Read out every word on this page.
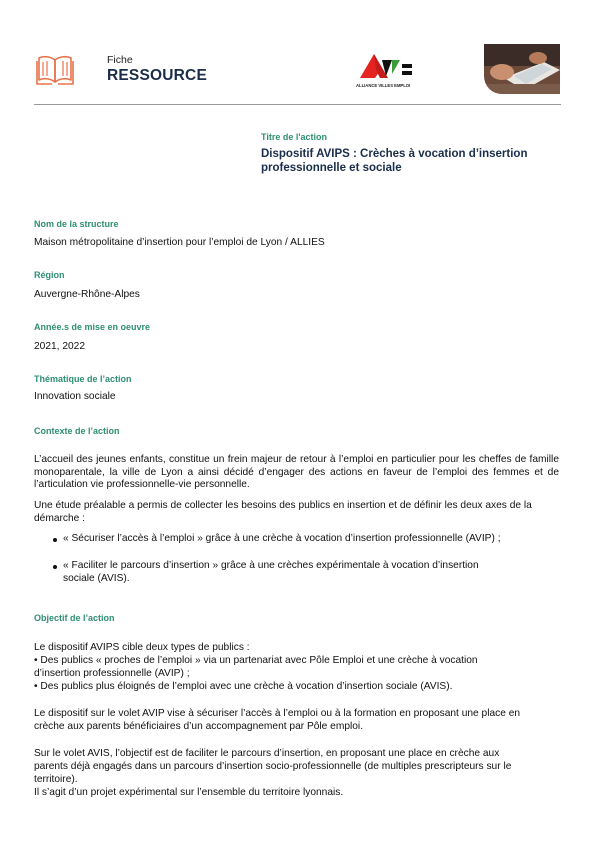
Fiche
RESSOURCE
ALLIANCE VILLES EMPLOI
Titre de l'action
Dispositif AVIPS : Crèches à vocation d’insertion professionnelle et sociale
Nom de la structure
Maison métropolitaine d’insertion pour l’emploi de Lyon / ALLIES
Région
Auvergne-Rhône-Alpes
Année.s de mise en oeuvre
2021, 2022
Thématique de l’action
Innovation sociale
Contexte de l’action
L’accueil des jeunes enfants, constitue un frein majeur de retour à l’emploi en particulier pour les cheffes de famille monoparentale, la ville de Lyon a ainsi décidé d’engager des actions en faveur de l’emploi des femmes et de l’articulation vie professionnelle-vie personnelle.
Une étude préalable a permis de collecter les besoins des publics en insertion et de définir les deux axes de la démarche :
« Sécuriser l’accès à l’emploi » grâce à une crèche à vocation d’insertion professionnelle (AVIP) ;
« Faciliter le parcours d’insertion » grâce à une crèches expérimentale à vocation d’insertion
sociale (AVIS).
Objectif de l’action
Le dispositif AVIPS cible deux types de publics :
• Des publics « proches de l’emploi » via un partenariat avec Pôle Emploi et une crèche à vocation
d’insertion professionnelle (AVIP) ;
• Des publics plus éloignés de l’emploi avec une crèche à vocation d’insertion sociale (AVIS).
Le dispositif sur le volet AVIP vise à sécuriser l’accès à l’emploi ou à la formation en proposant une place en
crèche aux parents bénéficiaires d’un accompagnement par Pôle emploi.
Sur le volet AVIS, l’objectif est de faciliter le parcours d’insertion, en proposant une place en crèche aux
parents déjà engagés dans un parcours d’insertion socio-professionnelle (de multiples prescripteurs sur le
territoire).
Il s’agit d’un projet expérimental sur l’ensemble du territoire lyonnais.
